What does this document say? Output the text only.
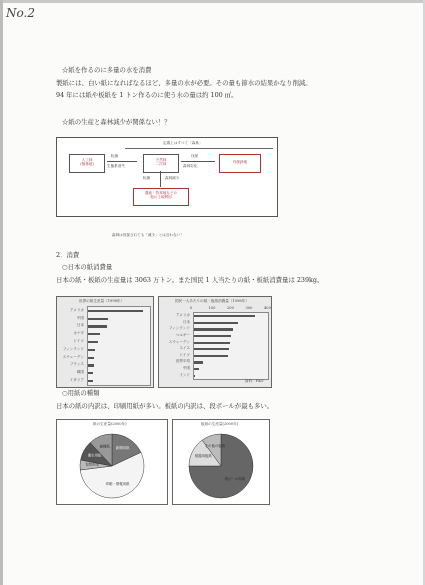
No.2
☆紙を作るのに多量の水を消費
製紙には、白い紙になればなるほど、多量の水が必要。その量も節水の結果かなり削減。
94 年には紙や板紙を 1 トン作るのに使う水の量は約 100 ㎥。
☆紙の生産と森林減少が関係ない！？
定義上はすべて「森林」
人工林
(植林地)
転換
生態系消失
天然林
二次林
伐採
森林劣化
伐採跡地
転換	森林減少
農地・牧草地などの
他の土地利用
森林は伐採されても「減少」とは言わない！
2．消費
○日本の紙消費量
日本の紙・板紙の生産量は 3063 万トン。また国民 1 人当たりの紙・板紙消費量は 239kg。
世界の紙生産量（1998年）
アメリカ
中国
日本
カナダ
ドイツ
フィンランド
スウェーデン
フランス
韓国
イタリア
国民一人あたりの紙・板紙消費量（1998年）
0	100	200	300	400
アメリカ
日本
フィンランド
ベルギー
スウェーデン
スイス
ドイツ
世界平均
中国
インド
資料：FAO
○用紙の種類
日本の紙の内訳は、印刷用紙が多い。板紙の内訳は、段ボールが最も多い。
紙の生産量(2000年)
新聞用紙
印刷・情報用紙
包装用紙
衛生用紙
雑種紙
板紙の生産量(2000年)
段ボール原紙
紙器用板紙
その他の板紙
